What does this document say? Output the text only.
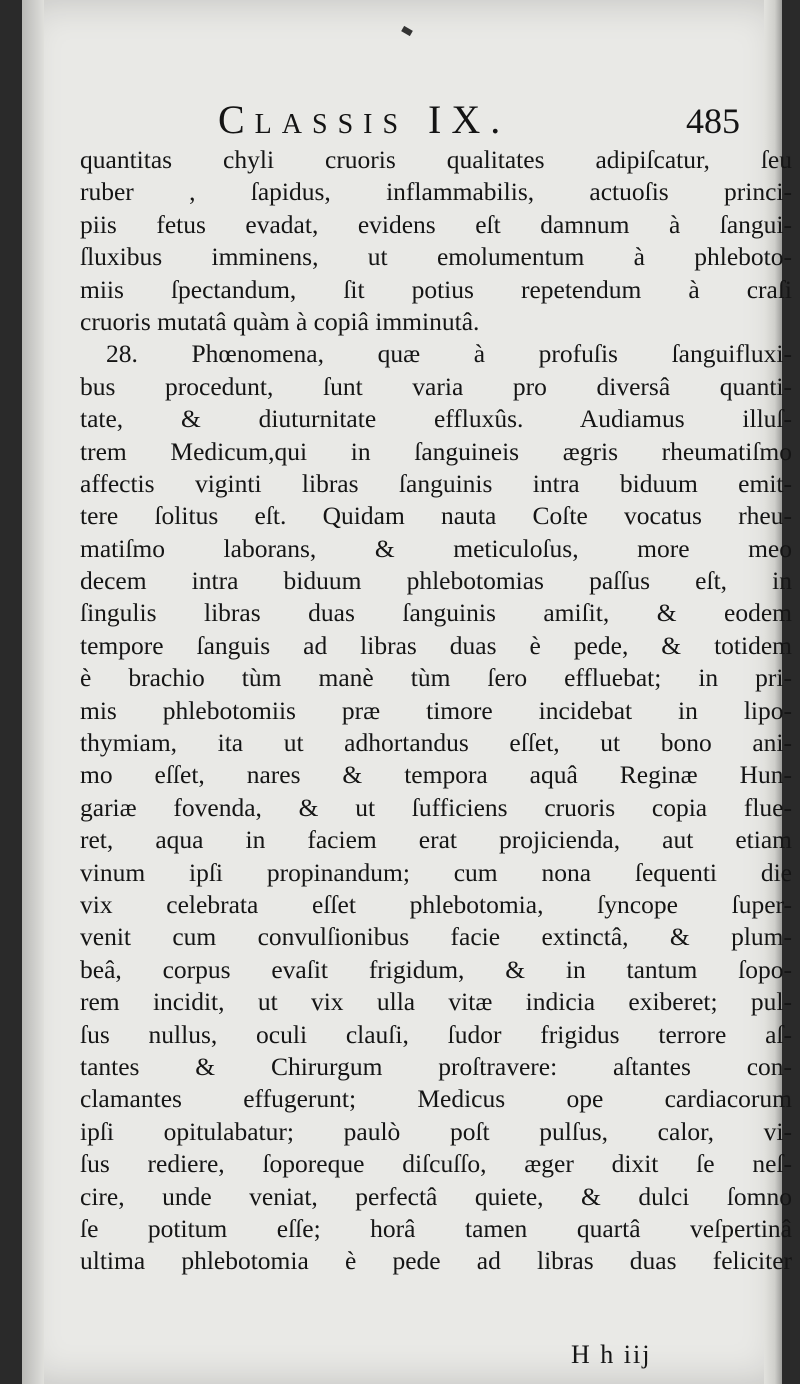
Classis IX.	485
quantitas chyli cruoris qualitates adipiſcatur, ſeu
ruber , ſapidus, inflammabilis, actuoſis princi-
piis fetus evadat, evidens eſt damnum à ſangui-
ſluxibus imminens, ut emolumentum à phleboto-
miis ſpectandum, ſit potius repetendum à craſi
cruoris mutatâ quàm à copiâ imminutâ.
28. Phœnomena, quæ à profuſis ſanguifluxi-
bus procedunt, ſunt varia pro diversâ quanti-
tate, & diuturnitate effluxûs. Audiamus illuſ-
trem Medicum,qui in ſanguineis ægris rheumatiſmo
affectis viginti libras ſanguinis intra biduum emit-
tere ſolitus eſt. Quidam nauta Coſte vocatus rheu-
matiſmo laborans, & meticuloſus, more meo
decem intra biduum phlebotomias paſſus eſt, in
ſingulis libras duas ſanguinis amiſit, & eodem
tempore ſanguis ad libras duas è pede, & totidem
è brachio tùm manè tùm ſero effluebat; in pri-
mis phlebotomiis præ timore incidebat in lipo-
thymiam, ita ut adhortandus eſſet, ut bono ani-
mo eſſet, nares & tempora aquâ Reginæ Hun-
gariæ fovenda, & ut ſufficiens cruoris copia flue-
ret, aqua in faciem erat projicienda, aut etiam
vinum ipſi propinandum; cum nona ſequenti die
vix celebrata eſſet phlebotomia, ſyncope ſuper-
venit cum convulſionibus facie extinctâ, & plum-
beâ, corpus evaſit frigidum, & in tantum ſopo-
rem incidit, ut vix ulla vitæ indicia exiberet; pul-
ſus nullus, oculi clauſi, ſudor frigidus terrore aſ-
tantes & Chirurgum proſtravere: aſtantes con-
clamantes effugerunt; Medicus ope cardiacorum
ipſi opitulabatur; paulò poſt pulſus, calor, vi-
ſus rediere, ſoporeque diſcuſſo, æger dixit ſe neſ-
cire, unde veniat, perfectâ quiete, & dulci ſomno
ſe potitum eſſe; horâ tamen quartâ veſpertinâ
ultima phlebotomia è pede ad libras duas feliciter
H h iij
